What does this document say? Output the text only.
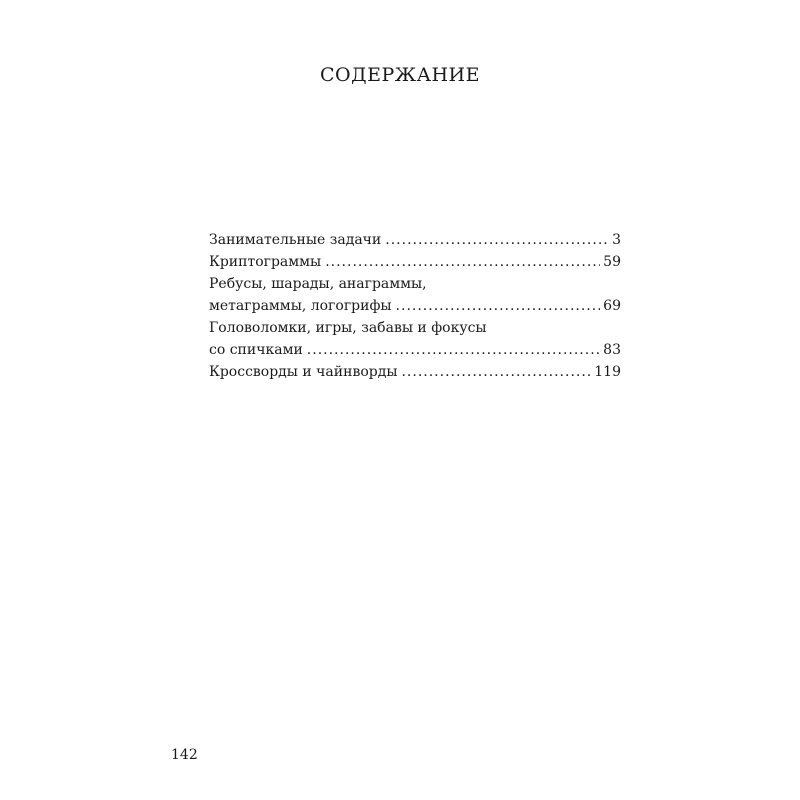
СОДЕРЖАНИЕ
Занимательные задачи .....	3
Криптограммы .....	59
Ребусы, шарады, анаграммы,
метаграммы, логогрифы .....	69
Головоломки, игры, забавы и фокусы
со спичками .....	83
Кроссворды и чайнворды .....	119
142
